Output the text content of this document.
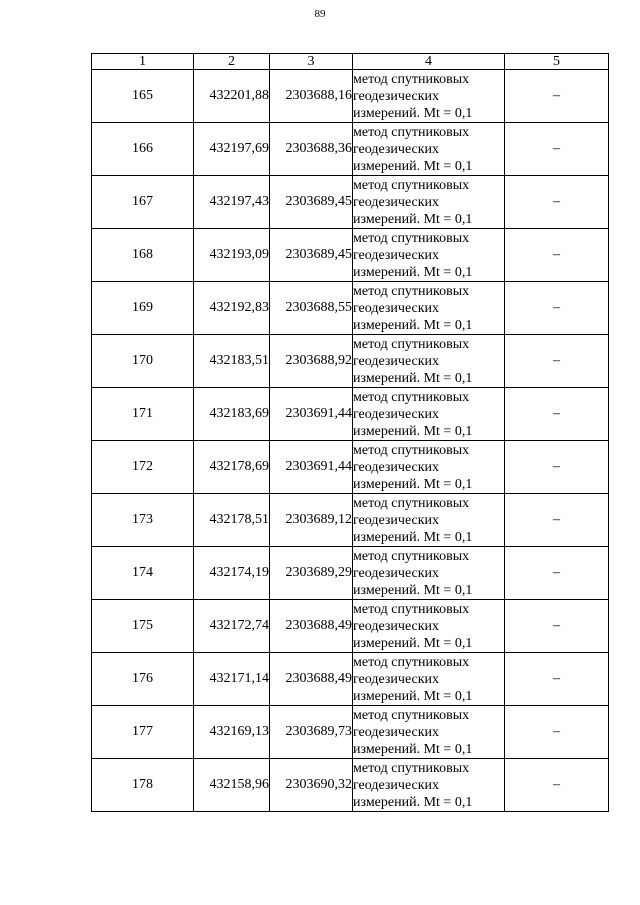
89
1	2	3	4	5
165	432201,88	2303688,16	метод спутниковых
геодезических
измерений. Mt = 0,1	–
166	432197,69	2303688,36	метод спутниковых
геодезических
измерений. Mt = 0,1	–
167	432197,43	2303689,45	метод спутниковых
геодезических
измерений. Mt = 0,1	–
168	432193,09	2303689,45	метод спутниковых
геодезических
измерений. Mt = 0,1	–
169	432192,83	2303688,55	метод спутниковых
геодезических
измерений. Mt = 0,1	–
170	432183,51	2303688,92	метод спутниковых
геодезических
измерений. Mt = 0,1	–
171	432183,69	2303691,44	метод спутниковых
геодезических
измерений. Mt = 0,1	–
172	432178,69	2303691,44	метод спутниковых
геодезических
измерений. Mt = 0,1	–
173	432178,51	2303689,12	метод спутниковых
геодезических
измерений. Mt = 0,1	–
174	432174,19	2303689,29	метод спутниковых
геодезических
измерений. Mt = 0,1	–
175	432172,74	2303688,49	метод спутниковых
геодезических
измерений. Mt = 0,1	–
176	432171,14	2303688,49	метод спутниковых
геодезических
измерений. Mt = 0,1	–
177	432169,13	2303689,73	метод спутниковых
геодезических
измерений. Mt = 0,1	–
178	432158,96	2303690,32	метод спутниковых
геодезических
измерений. Mt = 0,1	–
